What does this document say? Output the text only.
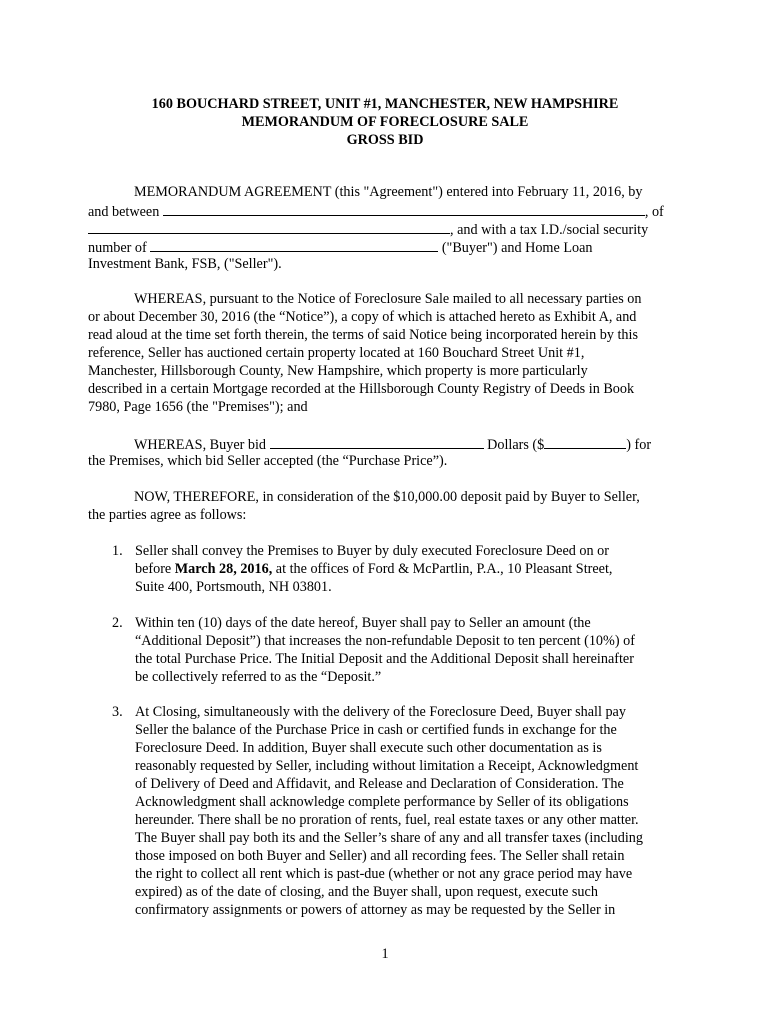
160 BOUCHARD STREET, UNIT #1, MANCHESTER, NEW HAMPSHIRE
MEMORANDUM OF FORECLOSURE SALE
GROSS BID
MEMORANDUM AGREEMENT (this "Agreement") entered into February 11, 2016, by
and between	, of
, and with a tax I.D./social security
number of	("Buyer") and Home Loan
Investment Bank, FSB, ("Seller").
WHEREAS, pursuant to the Notice of Foreclosure Sale mailed to all necessary parties on
or about December 30, 2016 (the “Notice”), a copy of which is attached hereto as Exhibit A, and
read aloud at the time set forth therein, the terms of said Notice being incorporated herein by this
reference, Seller has auctioned certain property located at 160 Bouchard Street Unit #1,
Manchester, Hillsborough County, New Hampshire, which property is more particularly
described in a certain Mortgage recorded at the Hillsborough County Registry of Deeds in Book
7980, Page 1656 (the "Premises"); and
WHEREAS, Buyer bid	Dollars ($	) for
the Premises, which bid Seller accepted (the “Purchase Price”).
NOW, THEREFORE, in consideration of the $10,000.00 deposit paid by Buyer to Seller,
the parties agree as follows:
1. Seller shall convey the Premises to Buyer by duly executed Foreclosure Deed on or
before March 28, 2016, at the offices of Ford & McPartlin, P.A., 10 Pleasant Street,
Suite 400, Portsmouth, NH 03801.
2. Within ten (10) days of the date hereof, Buyer shall pay to Seller an amount (the
“Additional Deposit”) that increases the non-refundable Deposit to ten percent (10%) of
the total Purchase Price. The Initial Deposit and the Additional Deposit shall hereinafter
be collectively referred to as the “Deposit.”
3. At Closing, simultaneously with the delivery of the Foreclosure Deed, Buyer shall pay
Seller the balance of the Purchase Price in cash or certified funds in exchange for the
Foreclosure Deed. In addition, Buyer shall execute such other documentation as is
reasonably requested by Seller, including without limitation a Receipt, Acknowledgment
of Delivery of Deed and Affidavit, and Release and Declaration of Consideration. The
Acknowledgment shall acknowledge complete performance by Seller of its obligations
hereunder. There shall be no proration of rents, fuel, real estate taxes or any other matter.
The Buyer shall pay both its and the Seller’s share of any and all transfer taxes (including
those imposed on both Buyer and Seller) and all recording fees. The Seller shall retain
the right to collect all rent which is past-due (whether or not any grace period may have
expired) as of the date of closing, and the Buyer shall, upon request, execute such
confirmatory assignments or powers of attorney as may be requested by the Seller in
1
